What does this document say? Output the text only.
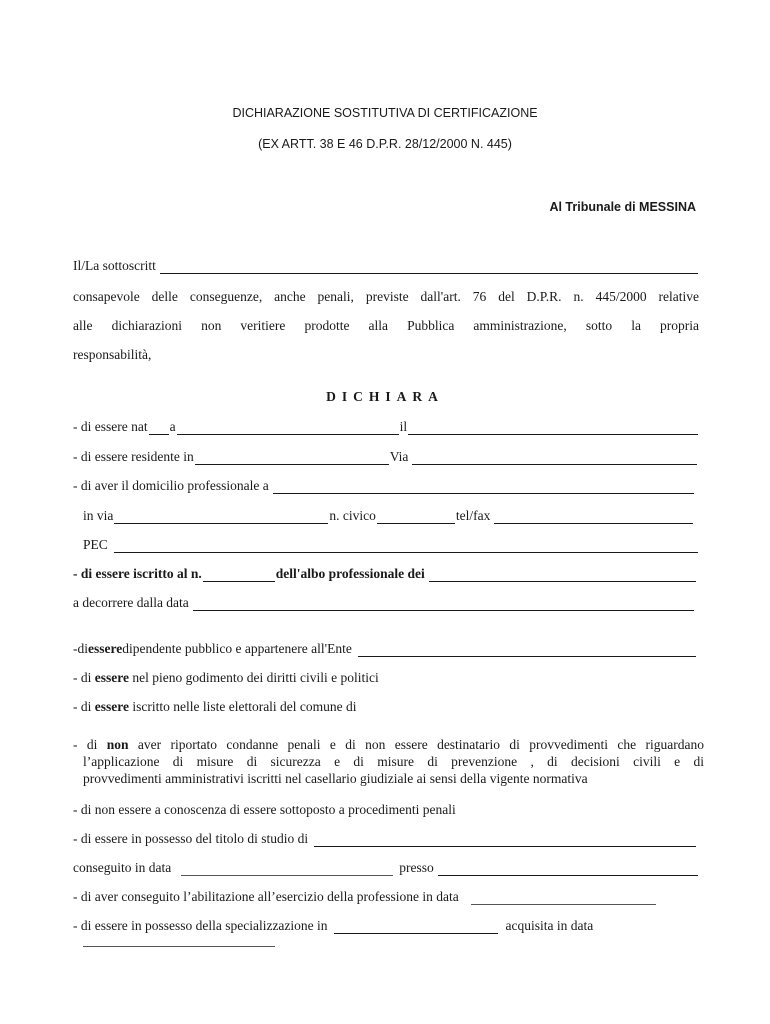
DICHIARAZIONE SOSTITUTIVA DI CERTIFICAZIONE
(EX ARTT. 38 E 46 D.P.R. 28/12/2000 N. 445)
Al Tribunale di MESSINA
Il/La sottoscritt
consapevole delle conseguenze, anche penali, previste dall'art. 76 del D.P.R. n. 445/2000 relative
alle dichiarazioni non veritiere prodotte alla Pubblica amministrazione, sotto la propria
responsabilità,
DICHIARA
- di essere nat a	il
- di essere residente in	Via
- di aver il domicilio professionale a
in via	n. civico	tel/fax
PEC
- di essere iscritto al n.	dell'albo professionale dei
a decorrere dalla data
-di essere dipendente pubblico e appartenere all'Ente
- di essere nel pieno godimento dei diritti civili e politici
- di essere iscritto nelle liste elettorali del comune di
- di non aver riportato condanne penali e di non essere destinatario di provvedimenti che riguardano
l’applicazione di misure di sicurezza e di misure di prevenzione , di decisioni civili e di
provvedimenti amministrativi iscritti nel casellario giudiziale ai sensi della vigente normativa
- di non essere a conoscenza di essere sottoposto a procedimenti penali
- di essere in possesso del titolo di studio di
conseguito in data	presso
- di aver conseguito l’abilitazione all’esercizio della professione in data
- di essere in possesso della specializzazione in	acquisita in data
